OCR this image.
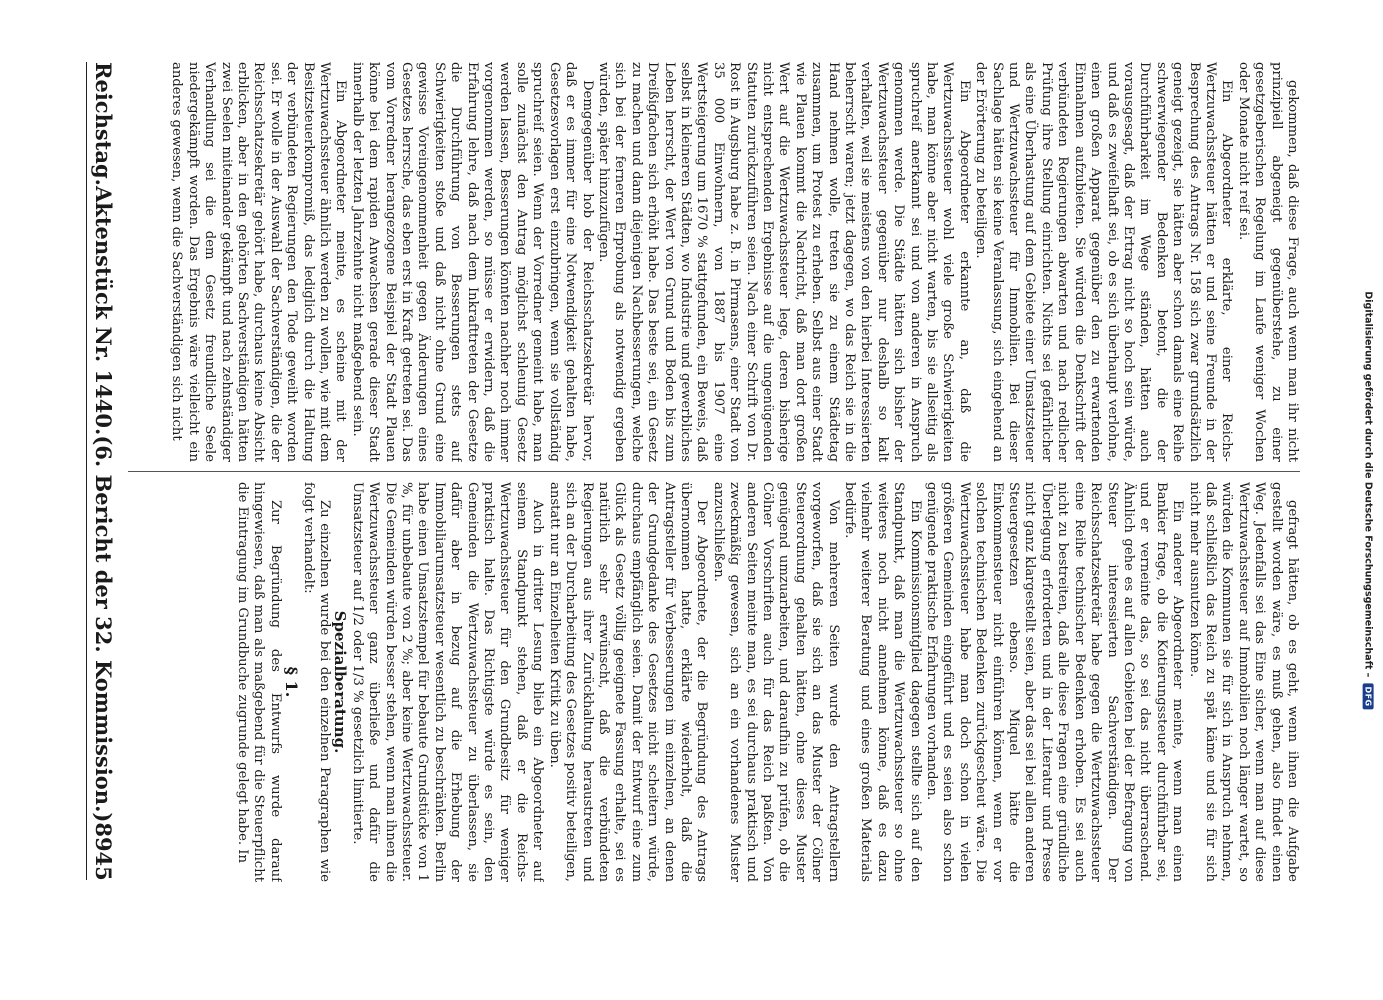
Reichstag.
Aktenstück Nr. 1440.
(6. Bericht der 32. Kommission.)
8945

gekommen, daß diese Frage, auch wenn man ihr nicht prinzipiell abgeneigt gegenüberstehe, zu einer gesetzgeberischen Regelung im Laufe weniger Wochen oder Monate nicht reif sei.

Ein Abgeordneter erklärte, einer Reichs-Wertzuwachssteuer hätten er und seine Freunde in der Besprechung des Antrags Nr. 158 sich zwar grundsätzlich geneigt gezeigt, sie hätten aber schon damals eine Reihe schwerwiegender Bedenken betont, die der Durchführbarkeit im Wege ständen, hätten auch vorausgesagt, daß der Ertrag nicht so hoch sein würde, und daß es zweifelhaft sei, ob es sich überhaupt verlohne, einen großen Apparat gegenüber den zu erwartenden Einnahmen aufzubieten. Sie würden die Denkschrift der verbündeten Regierungen abwarten und nach redlicher Prüfung ihre Stellung einrichten. Nichts sei gefährlicher als eine Überhastung auf dem Gebiete einer Umsatzsteuer und Wertzuwachssteuer für Immobilien. Bei dieser Sachlage hätten sie keine Veranlassung, sich eingehend an der Erörterung zu beteiligen.

Ein Abgeordneter erkannte an, daß die Wertzuwachssteuer wohl viele große Schwierigkeiten habe, man könne aber nicht warten, bis sie allseitig als spruchreif anerkannt sei und von anderen in Anspruch genommen werde. Die Städte hätten sich bisher der Wertzuwachssteuer gegenüber nur deshalb so kalt verhalten, weil sie meistens von den hierbei Interessierten beherrscht waren; jetzt dagegen, wo das Reich sie in die Hand nehmen wolle, treten sie zu einem Städtetag zusammen, um Protest zu erheben. Selbst aus einer Stadt wie Plauen kommt die Nachricht, daß man dort großen Wert auf die Wertzuwachssteuer lege, deren bisherige nicht entsprechenden Ergebnisse auf die ungenügenden Statuten zurückzuführen seien. Nach einer Schrift von Dr. Rost in Augsburg habe z. B. in Pirmasens, einer Stadt von 35 000 Einwohnern, von 1887 bis 1907 eine Wertsteigerung um 1670 % stattgefunden, ein Beweis, daß selbst in kleineren Städten, wo Industrie und gewerbliches Leben herrscht, der Wert von Grund und Boden bis zum Dreißigfachen sich erhöht habe. Das beste sei, ein Gesetz zu machen und dann diejenigen Nachbesserungen, welche sich bei der ferneren Erprobung als notwendig ergeben würden, später hinzuzufügen.

Demgegenüber hob der Reichsschatzsekretär hervor, daß er es immer für eine Notwendigkeit gehalten habe, Gesetzesvorlagen erst einzubringen, wenn sie vollständig spruchreif seien. Wenn der Vorredner gemeint habe, man solle zunächst den Antrag möglichst schleunig Gesetz werden lassen, Besserungen könnten nachher noch immer vorgenommen werden, so müsse er erwidern, daß die Erfahrung lehre, daß nach dem Inkrafttreten der Gesetze die Durchführung von Besserungen stets auf Schwierigkeiten stoße und daß nicht ohne Grund eine gewisse Voreingenommenheit gegen Änderungen eines Gesetzes herrsche, das eben erst in Kraft getreten sei. Das vom Vorredner herangezogene Beispiel der Stadt Plauen könne bei dem rapiden Anwachsen gerade dieser Stadt innerhalb der letzten Jahrzehnte nicht maßgebend sein.

Ein Abgeordneter meinte, es scheine mit der Wertzuwachssteuer ähnlich werden zu wollen, wie mit dem Besitzsteuerkompromiß, das lediglich durch die Haltung der verbündeten Regierungen den Tode geweiht worden sei. Er wolle in der Auswahl der Sachverständigen, die der Reichsschatzsekretär gehört habe, durchaus keine Absicht erblicken, aber in den gehörten Sachverständigen hätten zwei Seelen miteinander gekämpft und nach zehnständiger Verhandlung sei die dem Gesetz freundliche Seele niedergekämpft worden. Das Ergebnis wäre vielleicht ein anderes gewesen, wenn die Sachverständigen sich nicht

gefragt hätten, ob es geht, wenn ihnen die Aufgabe gestellt worden wäre, es muß gehen, also findet einen Weg. Jedenfalls sei das Eine sicher, wenn man auf diese Wertzuwachssteuer auf Immobilien noch länger wartet, so würden die Kommunen sie für sich in Anspruch nehmen, daß schließlich das Reich zu spät käme und sie für sich nicht mehr ausnutzen könne.

Ein anderer Abgeordneter meinte, wenn man einen Bankier frage, ob die Kotierungssteuer durchführbar sei, und er verneinte das, so sei das nicht überraschend. Ähnlich gehe es auf allen Gebieten bei der Befragung von Steuer interessierten Sachverständigen. Der Reichsschatzsekretär habe gegen die Wertzuwachssteuer eine Reihe technischer Bedenken erhoben. Es sei auch nicht zu bestreiten, daß alle diese Fragen eine gründliche Überlegung erforderten und in der Literatur und Presse nicht ganz klargestellt seien, aber das sei bei allen anderen Steuergesetzen ebenso. Miquel hätte die Einkommensteuer nicht einführen können, wenn er vor solchen technischen Bedenken zurückgescheut wäre. Die Wertzuwachssteuer habe man doch schon in vielen größeren Gemeinden eingeführt und es seien also schon genügende praktische Erfahrungen vorhanden.

Ein Kommissionsmitglied dagegen stellte sich auf den Standpunkt, daß man die Wertzuwachssteuer so ohne weiteres noch nicht annehmen könne, daß es dazu vielmehr weiterer Beratung und eines großen Materials bedürfe.

Von mehreren Seiten wurde den Antragstellern vorgeworfen, daß sie sich an das Muster der Cölner Steuerordnung gehalten hätten, ohne dieses Muster genügend umzuarbeiten, und daraufhin zu prüfen, ob die Cölner Vorschriften auch für das Reich paßten. Von anderen Seiten meinte man, es sei durchaus praktisch und zweckmäßig gewesen, sich an ein vorhandenes Muster anzuschließen.

Der Abgeordnete, der die Begründung des Antrags übernommen hatte, erklärte wiederholt, daß die Antragsteller für Verbesserungen im einzelnen, an denen der Grundgedanke des Gesetzes nicht scheitern würde, durchaus empfänglich seien. Damit der Entwurf eine zum Glück als Gesetz völlig geeignete Fassung erhalte, sei es natürlich sehr erwünscht, daß die verbündeten Regierungen aus ihrer Zurückhaltung heraustreten und sich an der Durcharbeitung des Gesetzes positiv beteiligen, anstatt nur an Einzelheiten Kritik zu üben.

Auch in dritter Lesung blieb ein Abgeordneter auf seinem Standpunkt stehen, daß er die Reichs-Wertzuwachssteuer für den Grundbesitz für weniger praktisch halte. Das Richtigste würde es sein, den Gemeinden die Wertzuwachssteuer zu überlassen, sie dafür aber in bezug auf die Erhebung der Immobiliarumsatzsteuer wesentlich zu beschränken. Berlin habe einen Umsatzstempel für bebaute Grundstücke von 1 %, für unbebaute von 2 %; aber keine Wertzuwachssteuer. Die Gemeinden würden besser stehen, wenn man ihnen die Wertzuwachssteuer ganz überließe und dafür die Umsatzsteuer auf 1/2 oder 1/3 % gesetzlich limitierte.

Spezialberatung.

Zu einzelnen wurde bei den einzelnen Paragraphen wie folgt verhandelt:

§ 1.

Zur Begründung des Entwurfs wurde darauf hingewiesen, daß man als maßgebend für die Steuerpflicht die Eintragung im Grundbuche zugrunde gelegt habe. In	Digitalisierung gefördert durch die Deutsche Forschungsgemeinschaft –
DFG
